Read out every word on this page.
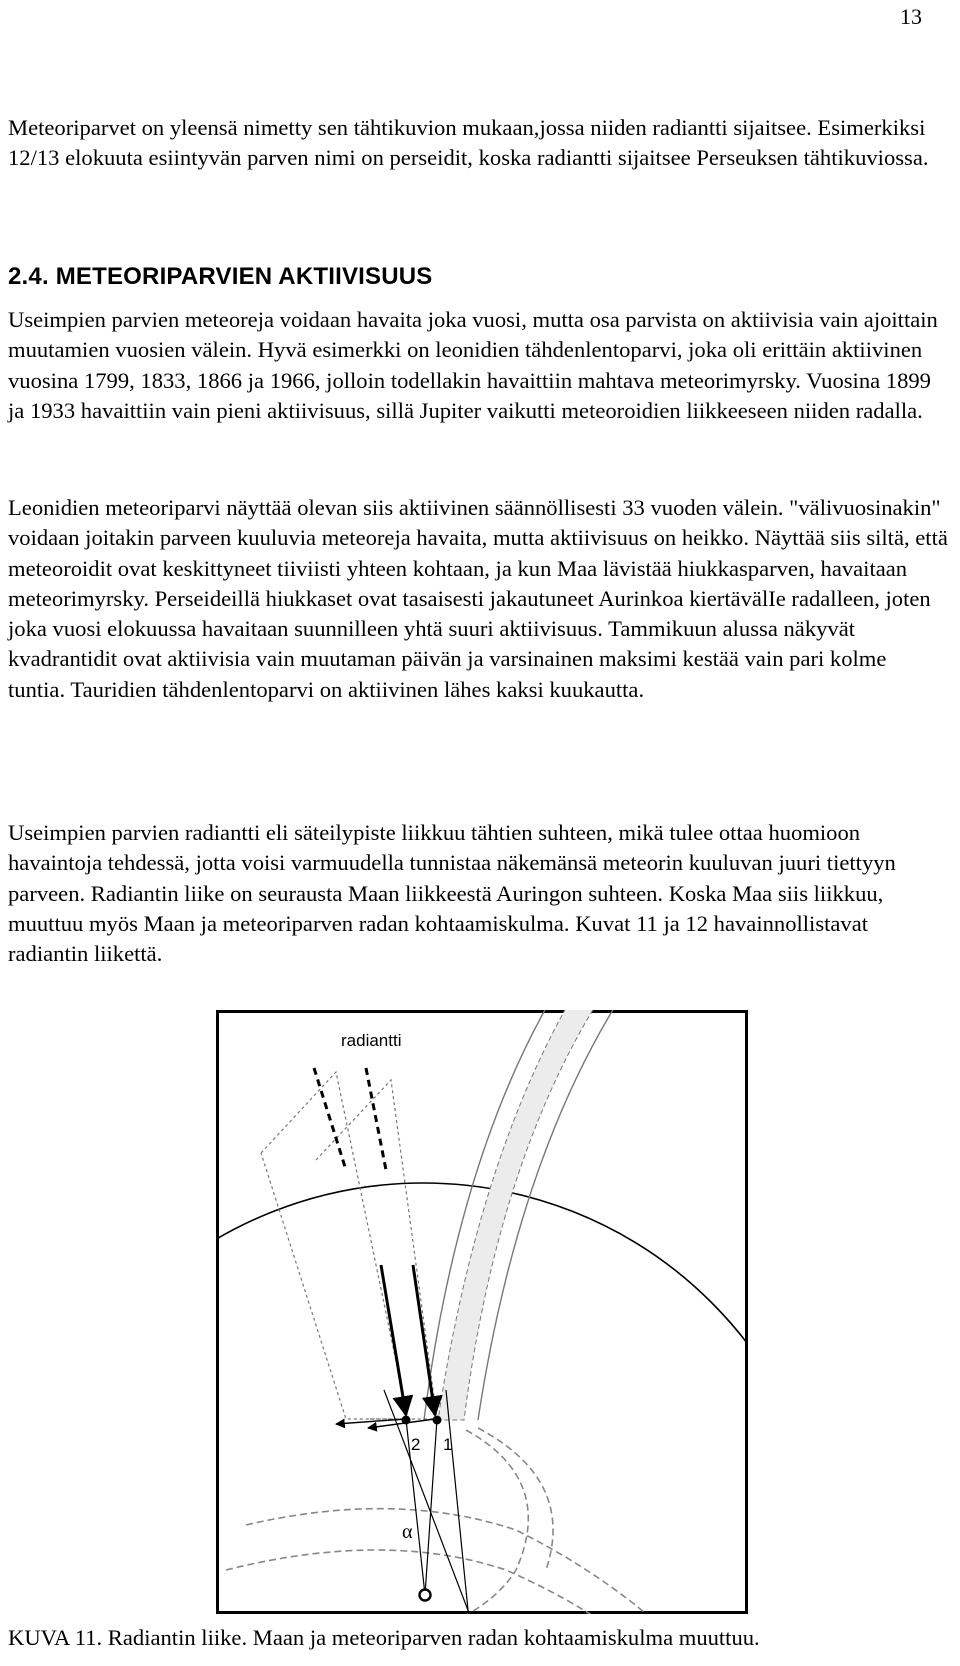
13

Meteoriparvet on yleensä nimetty sen tähtikuvion mukaan,jossa niiden radiantti sijaitsee. Esimerkiksi 12/13 elokuuta esiintyvän parven nimi on perseidit, koska radiantti sijaitsee Perseuksen tähtikuviossa.

2.4. METEORIPARVIEN AKTIIVISUUS

Useimpien parvien meteoreja voidaan havaita joka vuosi, mutta osa parvista on aktiivisia vain ajoittain muutamien vuosien välein. Hyvä esimerkki on leonidien tähdenlentoparvi, joka oli erittäin aktiivinen vuosina 1799, 1833, 1866 ja 1966, jolloin todellakin havaittiin mahtava meteorimyrsky. Vuosina 1899 ja 1933 havaittiin vain pieni aktiivisuus, sillä Jupiter vaikutti meteoroidien liikkeeseen niiden radalla.

Leonidien meteoriparvi näyttää olevan siis aktiivinen säännöllisesti 33 vuoden välein. "välivuosinakin" voidaan joitakin parveen kuuluvia meteoreja havaita, mutta aktiivisuus on heikko. Näyttää siis siltä, että meteoroidit ovat keskittyneet tiiviisti yhteen kohtaan, ja kun Maa lävistää hiukkasparven, havaitaan meteorimyrsky. Perseideillä hiukkaset ovat tasaisesti jakautuneet Aurinkoa kiertävälIe radalleen, joten joka vuosi elokuussa havaitaan suunnilleen yhtä suuri aktiivisuus. Tammikuun alussa näkyvät kvadrantidit ovat aktiivisia vain muutaman päivän ja varsinainen maksimi kestää vain pari kolme tuntia. Tauridien tähdenlentoparvi on aktiivinen lähes kaksi kuukautta.

Useimpien parvien radiantti eli säteilypiste liikkuu tähtien suhteen, mikä tulee ottaa huomioon havaintoja tehdessä, jotta voisi varmuudella tunnistaa näkemänsä meteorin kuuluvan juuri tiettyyn parveen. Radiantin liike on seurausta Maan liikkeestä Auringon suhteen. Koska Maa siis liikkuu, muuttuu myös Maan ja meteoriparven radan kohtaamiskulma. Kuvat 11 ja 12 havainnollistavat radiantin liikettä.

radiantti
2 1
α

KUVA 11. Radiantin liike. Maan ja meteoriparven radan kohtaamiskulma muuttuu.
